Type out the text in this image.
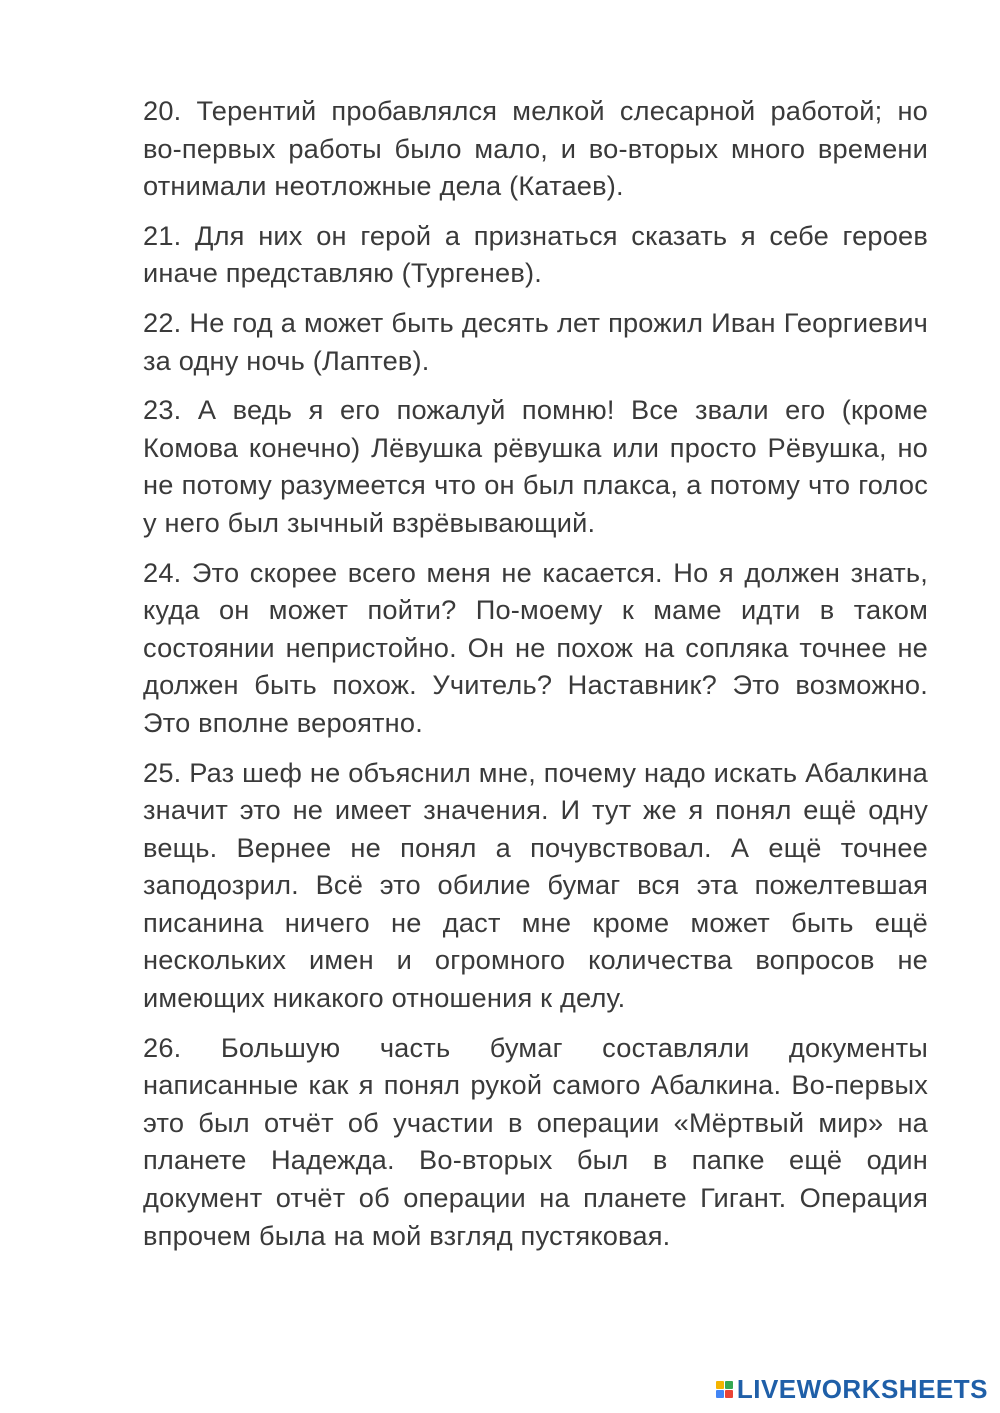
20. Терентий пробавлялся мелкой слесарной работой; но во-первых работы было мало, и во-вторых много времени отнимали неотложные дела (Катаев).

21. Для них он герой а признаться сказать я себе героев иначе представляю (Тургенев).

22. Не год а может быть десять лет прожил Иван Георгиевич за одну ночь (Лаптев).

23. А ведь я его пожалуй помню! Все звали его (кроме Комова конечно) Лёвушка рёвушка или просто Рёвушка, но не потому разумеется что он был плакса, а потому что голос у него был зычный взрёвывающий.

24. Это скорее всего меня не касается. Но я должен знать, куда он может пойти? По-моему к маме идти в таком состоянии непристойно. Он не похож на сопляка точнее не должен быть похож. Учитель? Наставник? Это возможно. Это вполне вероятно.

25. Раз шеф не объяснил мне, почему надо искать Абалкина значит это не имеет значения. И тут же я понял ещё одну вещь. Вернее не понял а почувствовал. А ещё точнее заподозрил. Всё это обилие бумаг вся эта пожелтевшая писанина ничего не даст мне кроме может быть ещё нескольких имен и огромного количества вопросов не имеющих никакого отношения к делу.

26. Большую часть бумаг составляли документы написанные как я понял рукой самого Абалкина. Во-первых это был отчёт об участии в операции «Мёртвый мир» на планете Надежда. Во-вторых был в папке ещё один документ отчёт об операции на планете Гигант. Операция впрочем была на мой взгляд пустяковая.

LIVEWORKSHEETS
